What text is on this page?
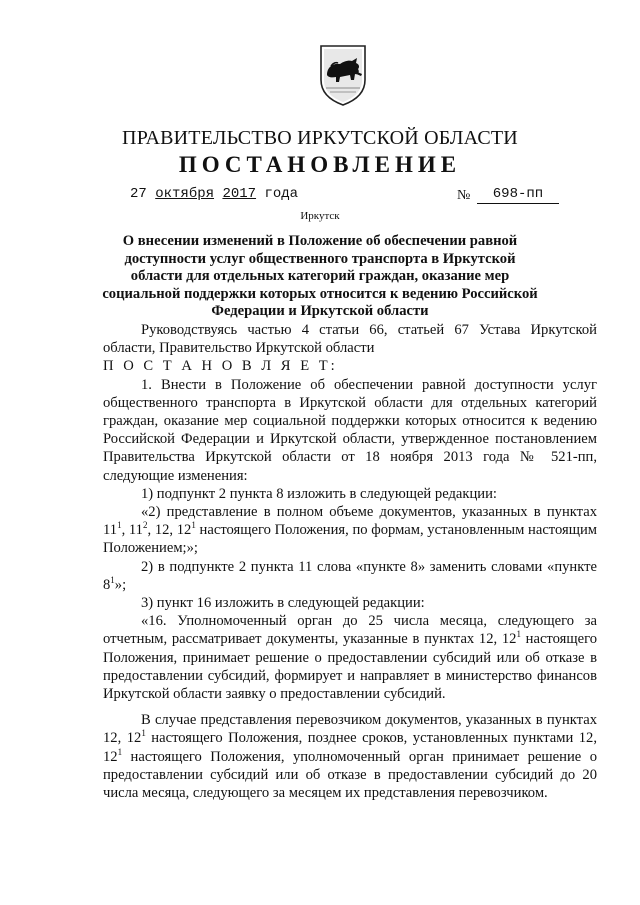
ПРАВИТЕЛЬСТВО ИРКУТСКОЙ ОБЛАСТИ
ПОСТАНОВЛЕНИЕ
27 октября 2017 года	№	698-пп
Иркутск
О внесении изменений в Положение об обеспечении равной доступности услуг общественного транспорта в Иркутской области для отдельных категорий граждан, оказание мер социальной поддержки которых относится к ведению Российской Федерации и Иркутской области

Руководствуясь частью 4 статьи 66, статьей 67 Устава Иркутской области, Правительство Иркутской области

П О С Т А Н О В Л Я Е Т:

1. Внести в Положение об обеспечении равной доступности услуг общественного транспорта в Иркутской области для отдельных категорий граждан, оказание мер социальной поддержки которых относится к ведению Российской Федерации и Иркутской области, утвержденное постановлением Правительства Иркутской области от 18 ноября 2013 года № 521-пп, следующие изменения:

1) подпункт 2 пункта 8 изложить в следующей редакции:

«2) представление в полном объеме документов, указанных в пунктах $11^1$, $11^2$, 12, $12^1$ настоящего Положения, по формам, установленным настоящим Положением;»;

2) в подпункте 2 пункта 11 слова «пункте 8» заменить словами «пункте $8^1$»;

3) пункт 16 изложить в следующей редакции:

«16. Уполномоченный орган до 25 числа месяца, следующего за отчетным, рассматривает документы, указанные в пунктах 12, $12^1$ настоящего Положения, принимает решение о предоставлении субсидий или об отказе в предоставлении субсидий, формирует и направляет в министерство финансов Иркутской области заявку о предоставлении субсидий.

В случае представления перевозчиком документов, указанных в пунктах 12, $12^1$ настоящего Положения, позднее сроков, установленных пунктами 12, $12^1$ настоящего Положения, уполномоченный орган принимает решение о предоставлении субсидий или об отказе в предоставлении субсидий до 20 числа месяца, следующего за месяцем их представления перевозчиком.
